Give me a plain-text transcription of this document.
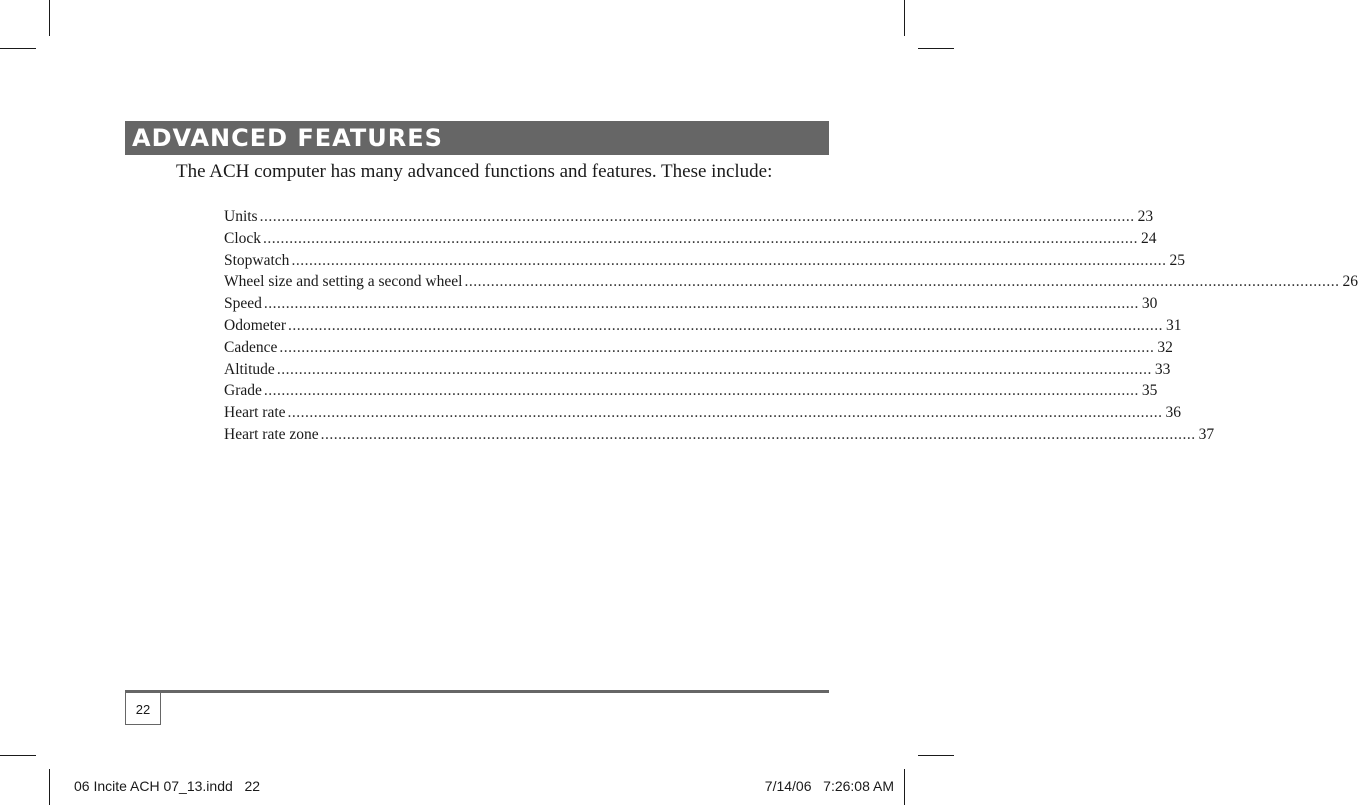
ADVANCED FEATURES
The ACH computer has many advanced functions and features. These include:
Units ........................................................................................................................................................................................................ 23
Clock ........................................................................................................................................................................................................ 24
Stopwatch ........................................................................................................................................................................................................ 25
Wheel size and setting a second wheel ........................................................................................................................................................................................................ 26
Speed ........................................................................................................................................................................................................ 30
Odometer ........................................................................................................................................................................................................ 31
Cadence ........................................................................................................................................................................................................ 32
Altitude ........................................................................................................................................................................................................ 33
Grade ........................................................................................................................................................................................................ 35
Heart rate ........................................................................................................................................................................................................ 36
Heart rate zone ........................................................................................................................................................................................................ 37
22
06 Incite ACH 07_13.indd   22	7/14/06   7:26:08 AM
